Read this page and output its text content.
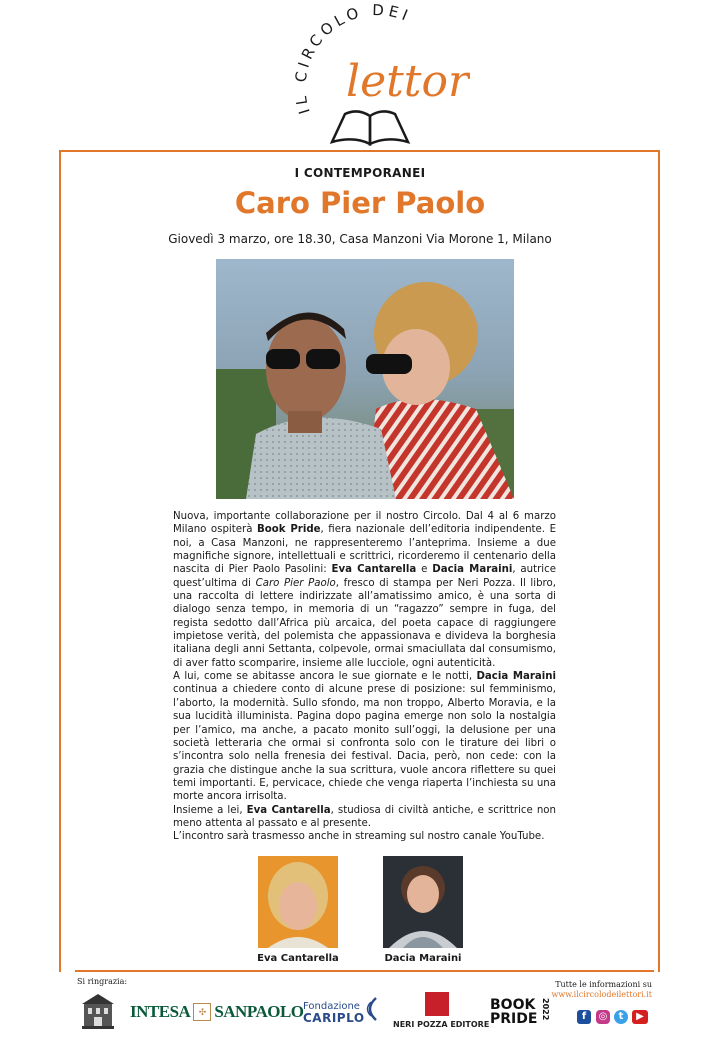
IL CIRCOLO DEI
lettori
I CONTEMPORANEI
Caro Pier Paolo
Giovedì 3 marzo, ore 18.30, Casa Manzoni Via Morone 1, Milano

Nuova, importante collaborazione per il nostro Circolo. Dal 4 al 6 marzo Milano ospiterà Book Pride, fiera nazionale dell’editoria indipendente. E noi, a Casa Manzoni, ne rappresenteremo l’anteprima. Insieme a due magnifiche signore, intellettuali e scrittrici, ricorderemo il centenario della nascita di Pier Paolo Pasolini: Eva Cantarella e Dacia Maraini, autrice quest’ultima di Caro Pier Paolo, fresco di stampa per Neri Pozza. Il libro, una raccolta di lettere indirizzate all’amatissimo amico, è una sorta di dialogo senza tempo, in memoria di un “ragazzo” sempre in fuga, del regista sedotto dall’Africa più arcaica, del poeta capace di raggiungere impietose verità, del polemista che appassionava e divideva la borghesia italiana degli anni Settanta, colpevole, ormai smaciullata dal consumismo, di aver fatto scomparire, insieme alle lucciole, ogni autenticità.

A lui, come se abitasse ancora le sue giornate e le notti, Dacia Maraini continua a chiedere conto di alcune prese di posizione: sul femminismo, l’aborto, la modernità. Sullo sfondo, ma non troppo, Alberto Moravia, e la sua lucidità illuminista. Pagina dopo pagina emerge non solo la nostalgia per l’amico, ma anche, a pacato monito sull’oggi, la delusione per una società letteraria che ormai si confronta solo con le tirature dei libri o s’incontra solo nella frenesia dei festival. Dacia, però, non cede: con la grazia che distingue anche la sua scrittura, vuole ancora riflettere su quei temi importanti. E, pervicace, chiede che venga riaperta l’inchiesta su una morte ancora irrisolta.

Insieme a lei, Eva Cantarella, studiosa di civiltà antiche, e scrittrice non meno attenta al passato e al presente.

L’incontro sarà trasmesso anche in streaming sul nostro canale YouTube.

Eva Cantarella	Dacia Maraini
Si ringrazia:	Tutte le informazioni su
www.ilcircolodeilettori.it
INTESA ✣ SANPAOLO Fondazione
CARIPLO	NERI POZZA EDITORE
BOOK
PRIDE 2022	f	◎	t	▶
